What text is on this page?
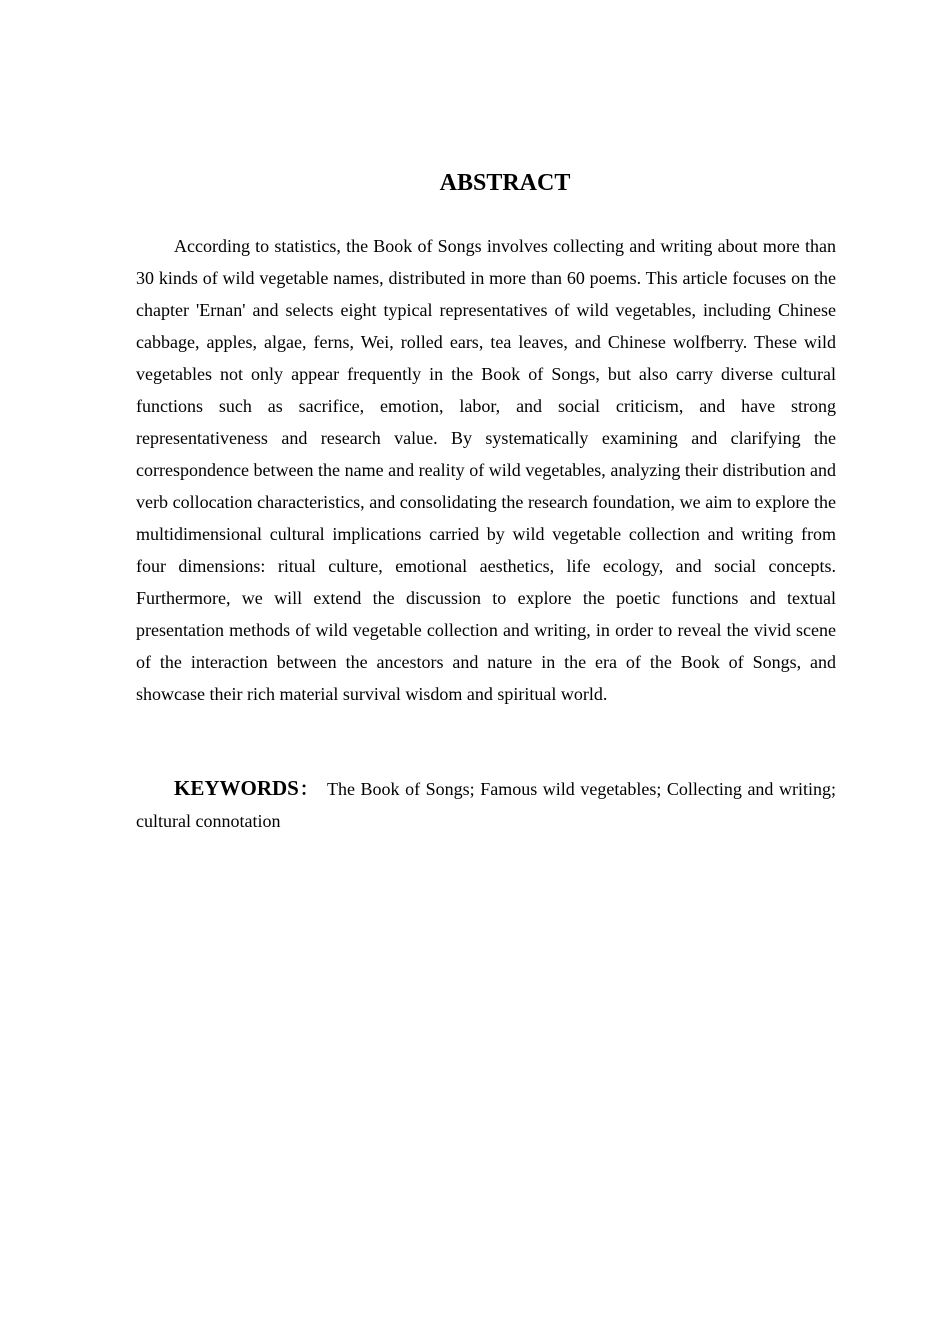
ABSTRACT

According to statistics, the Book of Songs involves collecting and writing about more than 30 kinds of wild vegetable names, distributed in more than 60 poems. This article focuses on the chapter 'Ernan' and selects eight typical representatives of wild vegetables, including Chinese cabbage, apples, algae, ferns, Wei, rolled ears, tea leaves, and Chinese wolfberry. These wild vegetables not only appear frequently in the Book of Songs, but also carry diverse cultural functions such as sacrifice, emotion, labor, and social criticism, and have strong representativeness and research value. By systematically examining and clarifying the correspondence between the name and reality of wild vegetables, analyzing their distribution and verb collocation characteristics, and consolidating the research foundation, we aim to explore the multidimensional cultural implications carried by wild vegetable collection and writing from four dimensions: ritual culture, emotional aesthetics, life ecology, and social concepts. Furthermore, we will extend the discussion to explore the poetic functions and textual presentation methods of wild vegetable collection and writing, in order to reveal the vivid scene of the interaction between the ancestors and nature in the era of the Book of Songs, and showcase their rich material survival wisdom and spiritual world.

KEYWORDS： The Book of Songs; Famous wild vegetables; Collecting and writing; cultural connotation
